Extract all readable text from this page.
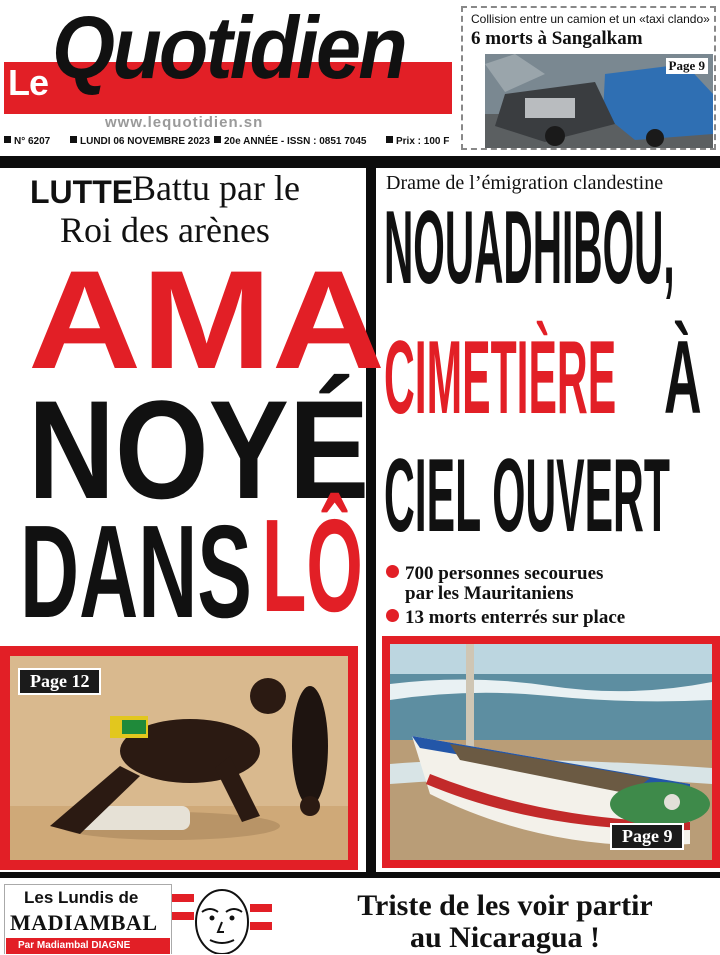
Le Quotidien
www.lequotidien.sn
N° 6207	LUNDI 06 NOVEMBRE 2023	20e ANNÉE - ISSN : 0851 7045	Prix : 100 F
Collision entre un camion et un «taxi clando»
6 morts à Sangalkam
Page 9
LUTTE
Battu par le
Roi des arènes
AMA
NOYÉ
DANS LÔ
Page 12
Drame de l’émigration clandestine
NOUADHIBOU,
CIMETIÈRE À
CIEL OUVERT
700 personnes secourues
par les Mauritaniens
13 morts enterrés sur place
Page 9
Les Lundis de
MADIAMBAL
Par Madiambal DIAGNE
Triste de les voir partir
au Nicaragua !
